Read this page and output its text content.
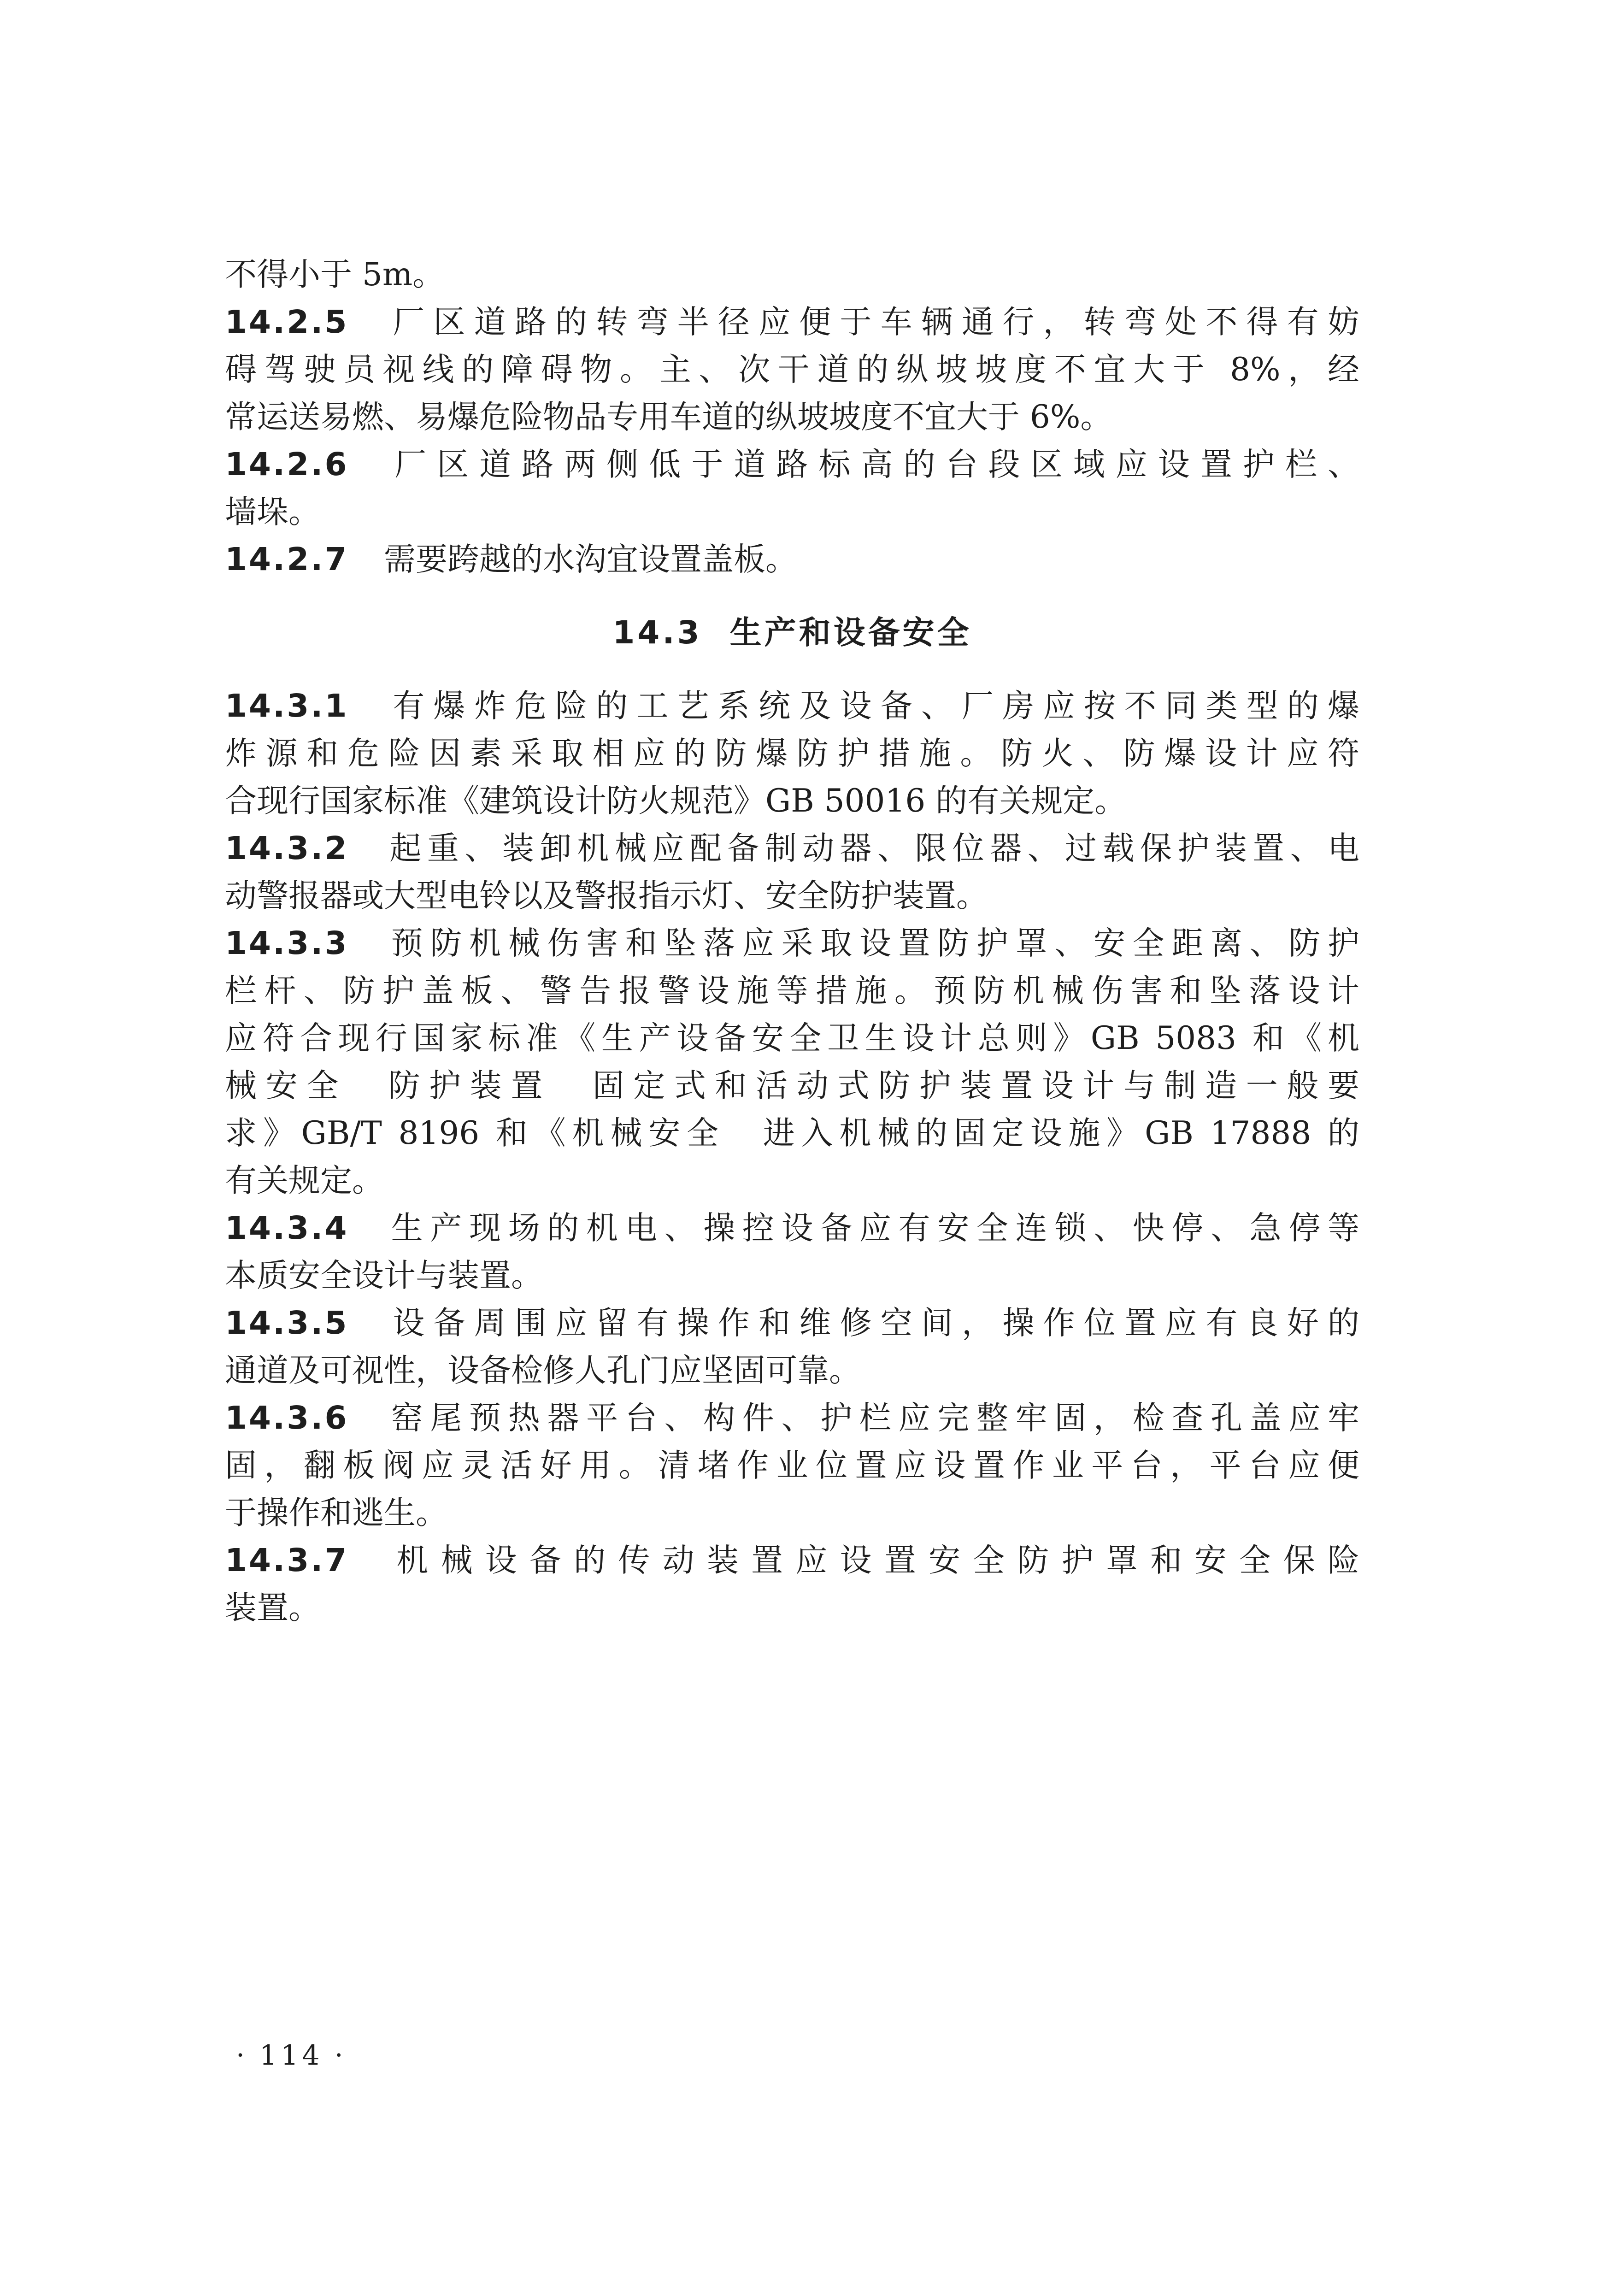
不得小于 5m。
14.2.5 厂区道路的转弯半径应便于车辆通行，转弯处不得有妨
碍驾驶员视线的障碍物。主、次干道的纵坡坡度不宜大于 8%，经
常运送易燃、易爆危险物品专用车道的纵坡坡度不宜大于 6%。
14.2.6 厂区道路两侧低于道路标高的台段区域应设置护栏、
墙垛。
14.2.7 需要跨越的水沟宜设置盖板。
14.3 生产和设备安全
14.3.1 有爆炸危险的工艺系统及设备、厂房应按不同类型的爆
炸源和危险因素采取相应的防爆防护措施。防火、防爆设计应符
合现行国家标准《建筑设计防火规范》GB 50016 的有关规定。
14.3.2 起重、装卸机械应配备制动器、限位器、过载保护装置、电
动警报器或大型电铃以及警报指示灯、安全防护装置。
14.3.3 预防机械伤害和坠落应采取设置防护罩、安全距离、防护
栏杆、防护盖板、警告报警设施等措施。预防机械伤害和坠落设计
应符合现行国家标准《生产设备安全卫生设计总则》GB 5083 和《机
械安全　防护装置　固定式和活动式防护装置设计与制造一般要
求》GB/T 8196 和《机械安全　进入机械的固定设施》GB 17888 的
有关规定。
14.3.4 生产现场的机电、操控设备应有安全连锁、快停、急停等
本质安全设计与装置。
14.3.5 设备周围应留有操作和维修空间，操作位置应有良好的
通道及可视性，设备检修人孔门应坚固可靠。
14.3.6 窑尾预热器平台、构件、护栏应完整牢固，检查孔盖应牢
固，翻板阀应灵活好用。清堵作业位置应设置作业平台，平台应便
于操作和逃生。
14.3.7 机械设备的传动装置应设置安全防护罩和安全保险
装置。
· 114 ·
